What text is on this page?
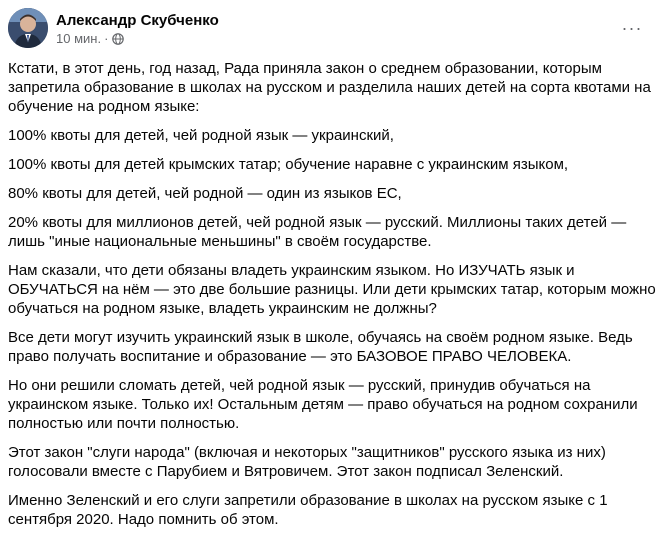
Александр Скубченко
10 мин. ·
···

Кстати, в этот день, год назад, Рада приняла закон о среднем образовании, которым запретила образование в школах на русском и разделила наших детей на сорта квотами на обучение на родном языке:

100% квоты для детей, чей родной язык — украинский,

100% квоты для детей крымских татар; обучение наравне с украинским языком,

80% квоты для детей, чей родной — один из языков ЕС,

20% квоты для миллионов детей, чей родной язык — русский. Миллионы таких детей — лишь "иные национальные меньшины" в своём государстве.

Нам сказали, что дети обязаны владеть украинским языком. Но ИЗУЧАТЬ язык и ОБУЧАТЬСЯ на нём — это две большие разницы. Или дети крымских татар, которым можно обучаться на родном языке, владеть украинским не должны?

Все дети могут изучить украинский язык в школе, обучаясь на своём родном языке. Ведь право получать воспитание и образование — это БАЗОВОЕ ПРАВО ЧЕЛОВЕКА.

Но они решили сломать детей, чей родной язык — русский, принудив обучаться на украинском языке. Только их! Остальным детям — право обучаться на родном сохранили полностью или почти полностью.

Этот закон "слуги народа" (включая и некоторых "защитников" русского языка из них) голосовали вместе с Парубием и Вятровичем. Этот закон подписал Зеленский.

Именно Зеленский и его слуги запретили образование в школах на русском языке с 1 сентября 2020. Надо помнить об этом.
